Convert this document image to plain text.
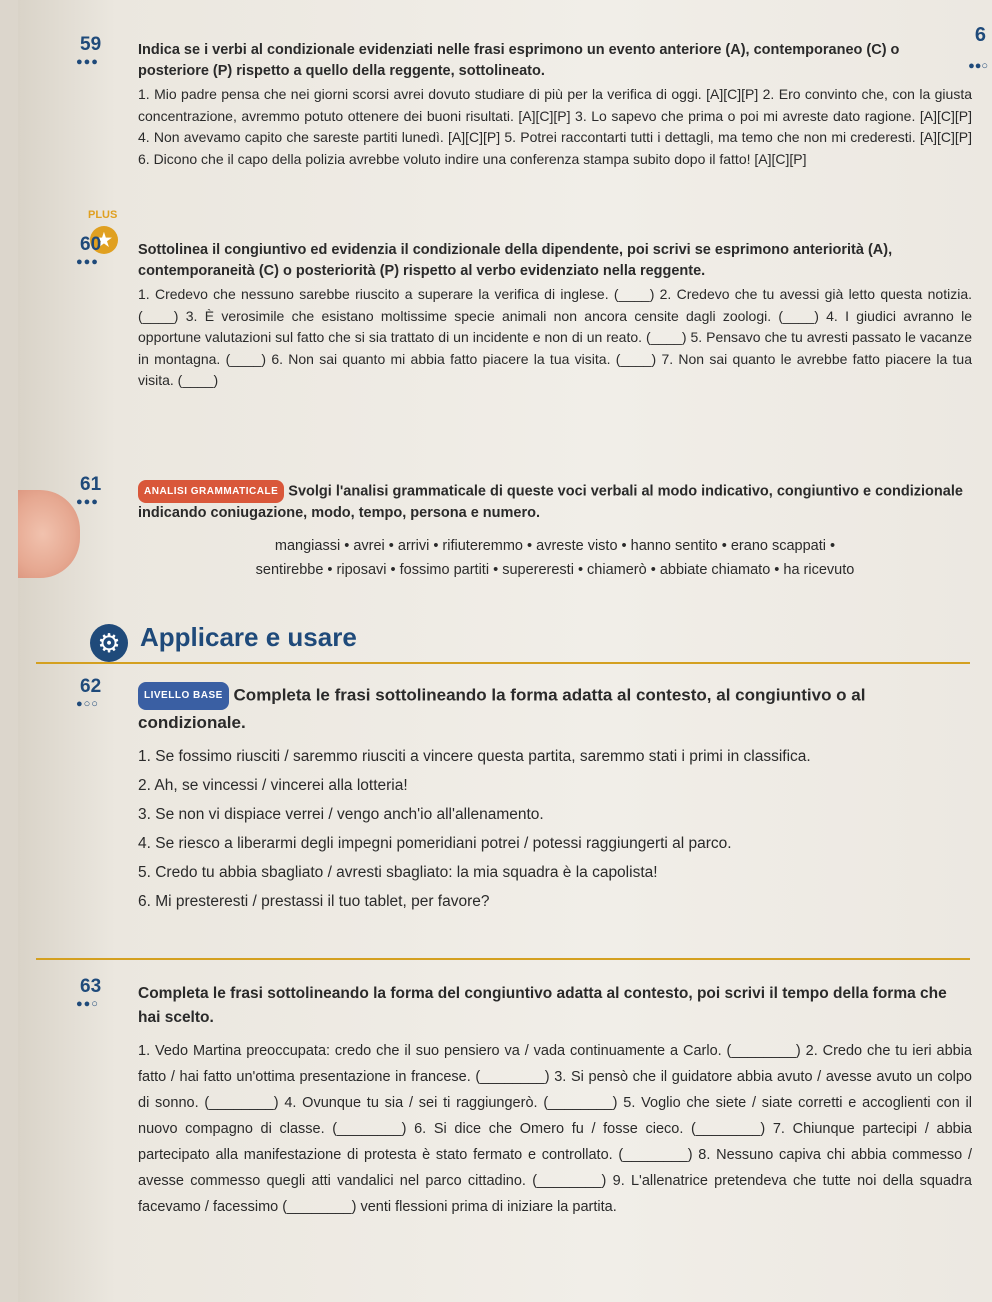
6
●●○
59
●●●
Indica se i verbi al condizionale evidenziati nelle frasi esprimono un evento anteriore (A), contemporaneo (C) o posteriore (P) rispetto a quello della reggente, sottolineato.
1. Mio padre pensa che nei giorni scorsi avrei dovuto studiare di più per la verifica di oggi. [A][C][P] 2. Ero convinto che, con la giusta concentrazione, avremmo potuto ottenere dei buoni risultati. [A][C][P] 3. Lo sapevo che prima o poi mi avreste dato ragione. [A][C][P] 4. Non avevamo capito che sareste partiti lunedì. [A][C][P] 5. Potrei raccontarti tutti i dettagli, ma temo che non mi crederesti. [A][C][P] 6. Dicono che il capo della polizia avrebbe voluto indire una conferenza stampa subito dopo il fatto! [A][C][P]
PLUS
★
60
●●●
Sottolinea il congiuntivo ed evidenzia il condizionale della dipendente, poi scrivi se esprimono anteriorità (A), contemporaneità (C) o posteriorità (P) rispetto al verbo evidenziato nella reggente.
1. Credevo che nessuno sarebbe riuscito a superare la verifica di inglese. (____) 2. Credevo che tu avessi già letto questa notizia. (____) 3. È verosimile che esistano moltissime specie animali non ancora censite dagli zoologi. (____) 4. I giudici avranno le opportune valutazioni sul fatto che si sia trattato di un incidente e non di un reato. (____) 5. Pensavo che tu avresti passato le vacanze in montagna. (____) 6. Non sai quanto mi abbia fatto piacere la tua visita. (____) 7. Non sai quanto le avrebbe fatto piacere la tua visita. (____)
61
●●●
ANALISI GRAMMATICALE Svolgi l'analisi grammaticale di queste voci verbali al modo indicativo, congiuntivo e condizionale indicando coniugazione, modo, tempo, persona e numero.
mangiassi • avrei • arrivi • rifiuteremmo • avreste visto • hanno sentito • erano scappati •
sentirebbe • riposavi • fossimo partiti • supereresti • chiamerò • abbiate chiamato • ha ricevuto
⚙ Applicare e usare
62
●○○
LIVELLO BASE Completa le frasi sottolineando la forma adatta al contesto, al congiuntivo o al condizionale.
1. Se fossimo riusciti / saremmo riusciti a vincere questa partita, saremmo stati i primi in classifica.
2. Ah, se vincessi / vincerei alla lotteria!
3. Se non vi dispiace verrei / vengo anch'io all'allenamento.
4. Se riesco a liberarmi degli impegni pomeridiani potrei / potessi raggiungerti al parco.
5. Credo tu abbia sbagliato / avresti sbagliato: la mia squadra è la capolista!
6. Mi presteresti / prestassi il tuo tablet, per favore?
63
●●○
Completa le frasi sottolineando la forma del congiuntivo adatta al contesto, poi scrivi il tempo della forma che hai scelto.
1. Vedo Martina preoccupata: credo che il suo pensiero va / vada continuamente a Carlo. (________) 2. Credo che tu ieri abbia fatto / hai fatto un'ottima presentazione in francese. (________) 3. Si pensò che il guidatore abbia avuto / avesse avuto un colpo di sonno. (________) 4. Ovunque tu sia / sei ti raggiungerò. (________) 5. Voglio che siete / siate corretti e accoglienti con il nuovo compagno di classe. (________) 6. Si dice che Omero fu / fosse cieco. (________) 7. Chiunque partecipi / abbia partecipato alla manifestazione di protesta è stato fermato e controllato. (________) 8. Nessuno capiva chi abbia commesso / avesse commesso quegli atti vandalici nel parco cittadino. (________) 9. L'allenatrice pretendeva che tutte noi della squadra facevamo / facessimo (________) venti flessioni prima di iniziare la partita.
